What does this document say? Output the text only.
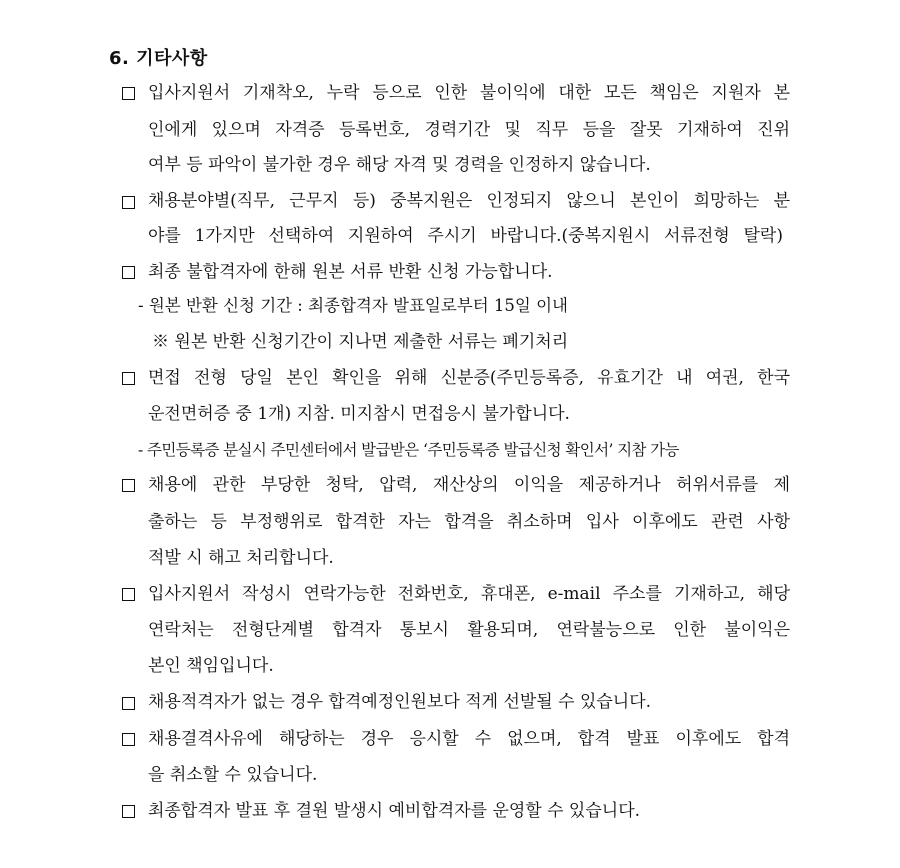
6. 기타사항
입사지원서 기재착오, 누락 등으로 인한 불이익에 대한 모든 책임은 지원자 본
인에게 있으며 자격증 등록번호, 경력기간 및 직무 등을 잘못 기재하여 진위
여부 등 파악이 불가한 경우 해당 자격 및 경력을 인정하지 않습니다.
채용분야별(직무, 근무지 등) 중복지원은 인정되지 않으니 본인이 희망하는 분
야를 1가지만 선택하여 지원하여 주시기 바랍니다.(중복지원시 서류전형 탈락)
최종 불합격자에 한해 원본 서류 반환 신청 가능합니다.
- 원본 반환 신청 기간 : 최종합격자 발표일로부터 15일 이내
※ 원본 반환 신청기간이 지나면 제출한 서류는 폐기처리
면접 전형 당일 본인 확인을 위해 신분증(주민등록증, 유효기간 내 여권, 한국
운전면허증 중 1개) 지참. 미지참시 면접응시 불가합니다.
- 주민등록증 분실시 주민센터에서 발급받은 ‘주민등록증 발급신청 확인서’ 지참 가능
채용에 관한 부당한 청탁, 압력, 재산상의 이익을 제공하거나 허위서류를 제
출하는 등 부정행위로 합격한 자는 합격을 취소하며 입사 이후에도 관련 사항
적발 시 해고 처리합니다.
입사지원서 작성시 연락가능한 전화번호, 휴대폰, e-mail 주소를 기재하고, 해당
연락처는 전형단계별 합격자 통보시 활용되며, 연락불능으로 인한 불이익은
본인 책임입니다.
채용적격자가 없는 경우 합격예정인원보다 적게 선발될 수 있습니다.
채용결격사유에 해당하는 경우 응시할 수 없으며, 합격 발표 이후에도 합격
을 취소할 수 있습니다.
최종합격자 발표 후 결원 발생시 예비합격자를 운영할 수 있습니다.
